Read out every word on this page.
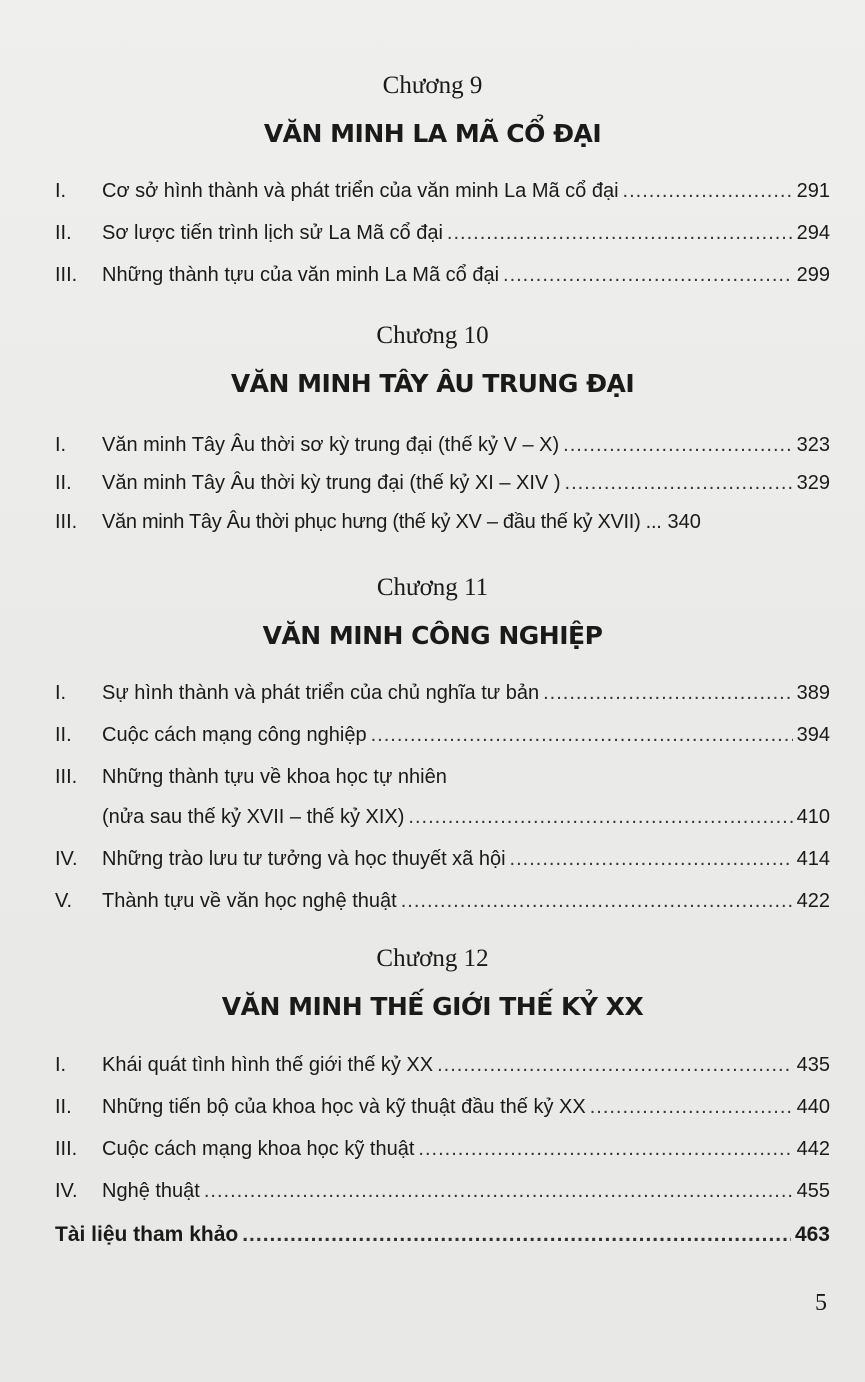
Chương 9
VĂN MINH LA MÃ CỔ ĐẠI
I.	Cơ sở hình thành và phát triển của văn minh La Mã cổ đại .....	291
II.	Sơ lược tiến trình lịch sử La Mã cổ đại .....	294
III.	Những thành tựu của văn minh La Mã cổ đại .....	299
Chương 10
VĂN MINH TÂY ÂU TRUNG ĐẠI
I.	Văn minh Tây Âu thời sơ kỳ trung đại (thế kỷ V – X) .....	323
II.	Văn minh Tây Âu thời kỳ trung đại (thế kỷ XI – XIV ) .....	329
III.	Văn minh Tây Âu thời phục hưng (thế kỷ XV – đầu thế kỷ XVII) ... 340
Chương 11
VĂN MINH CÔNG NGHIỆP
I.	Sự hình thành và phát triển của chủ nghĩa tư bản .....	389
II.	Cuộc cách mạng công nghiệp .....	394
III.	Những thành tựu về khoa học tự nhiên
(nửa sau thế kỷ XVII – thế kỷ XIX) .....	410
IV.	Những trào lưu tư tưởng và học thuyết xã hội .....	414
V.	Thành tựu về văn học nghệ thuật .....	422
Chương 12
VĂN MINH THẾ GIỚI THẾ KỶ XX
I.	Khái quát tình hình thế giới thế kỷ XX .....	435
II.	Những tiến bộ của khoa học và kỹ thuật đầu thế kỷ XX .....	440
III.	Cuộc cách mạng khoa học kỹ thuật .....	442
IV.	Nghệ thuật .....	455
Tài liệu tham khảo .....	463
5
